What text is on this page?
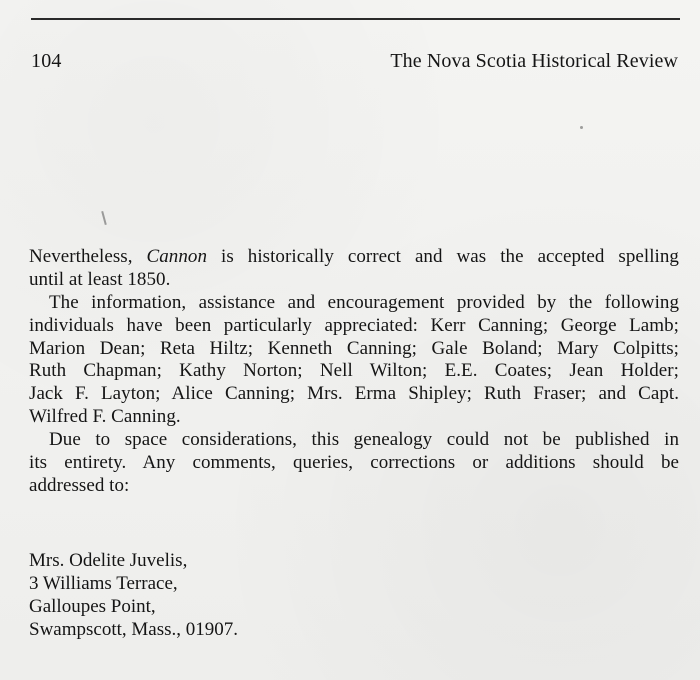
104	The Nova Scotia Historical Review
Nevertheless, Cannon is historically correct and was the accepted spelling
until at least 1850.
The information, assistance and encouragement provided by the following
individuals have been particularly appreciated: Kerr Canning; George Lamb;
Marion Dean; Reta Hiltz; Kenneth Canning; Gale Boland; Mary Colpitts;
Ruth Chapman; Kathy Norton; Nell Wilton; E.E. Coates; Jean Holder;
Jack F. Layton; Alice Canning; Mrs. Erma Shipley; Ruth Fraser; and Capt.
Wilfred F. Canning.
Due to space considerations, this genealogy could not be published in
its entirety. Any comments, queries, corrections or additions should be
addressed to:
Mrs. Odelite Juvelis,
3 Williams Terrace,
Galloupes Point,
Swampscott, Mass., 01907.
